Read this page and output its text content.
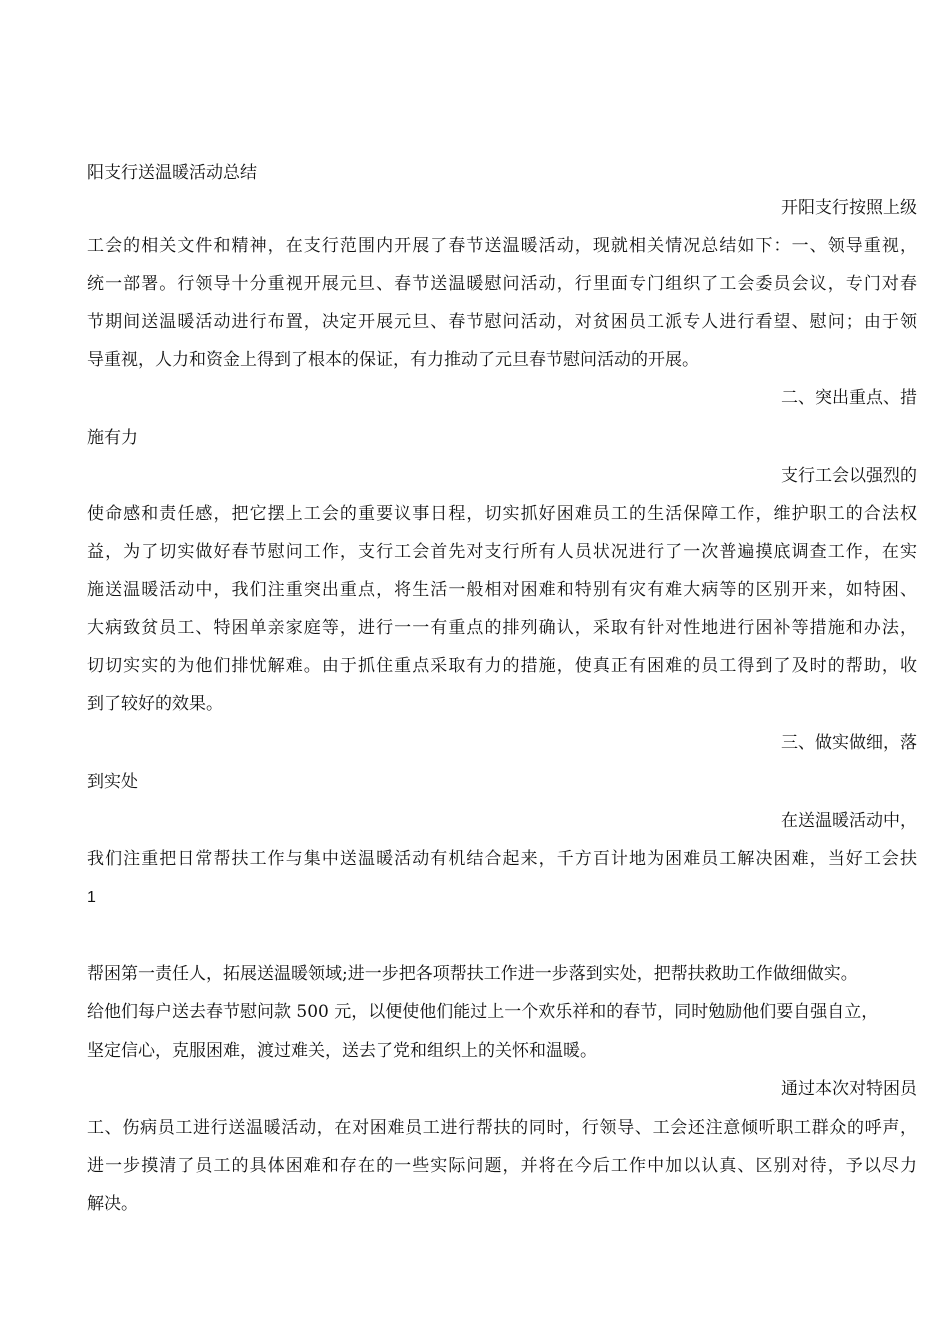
阳支行送温暖活动总结
开阳支行按照上级
工会的相关文件和精神，在支行范围内开展了春节送温暖活动，现就相关情况总结如下：一、领导重视，
统一部署。行领导十分重视开展元旦、春节送温暖慰问活动，行里面专门组织了工会委员会议，专门对春
节期间送温暖活动进行布置，决定开展元旦、春节慰问活动，对贫困员工派专人进行看望、慰问；由于领
导重视，人力和资金上得到了根本的保证，有力推动了元旦春节慰问活动的开展。
二、突出重点、措
施有力
支行工会以强烈的
使命感和责任感，把它摆上工会的重要议事日程，切实抓好困难员工的生活保障工作，维护职工的合法权
益，为了切实做好春节慰问工作，支行工会首先对支行所有人员状况进行了一次普遍摸底调查工作，在实
施送温暖活动中，我们注重突出重点，将生活一般相对困难和特别有灾有难大病等的区别开来，如特困、
大病致贫员工、特困单亲家庭等，进行一一有重点的排列确认，采取有针对性地进行困补等措施和办法，
切切实实的为他们排忧解难。由于抓住重点采取有力的措施，使真正有困难的员工得到了及时的帮助，收
到了较好的效果。
三、做实做细，落
到实处
在送温暖活动中，
我们注重把日常帮扶工作与集中送温暖活动有机结合起来，千方百计地为困难员工解决困难，当好工会扶
1
帮困第一责任人，拓展送温暖领域;进一步把各项帮扶工作进一步落到实处，把帮扶救助工作做细做实。
给他们每户送去春节慰问款 500 元，以便使他们能过上一个欢乐祥和的春节，同时勉励他们要自强自立，
坚定信心，克服困难，渡过难关，送去了党和组织上的关怀和温暖。
通过本次对特困员
工、伤病员工进行送温暖活动，在对困难员工进行帮扶的同时，行领导、工会还注意倾听职工群众的呼声，
进一步摸清了员工的具体困难和存在的一些实际问题，并将在今后工作中加以认真、区别对待，予以尽力
解决。
